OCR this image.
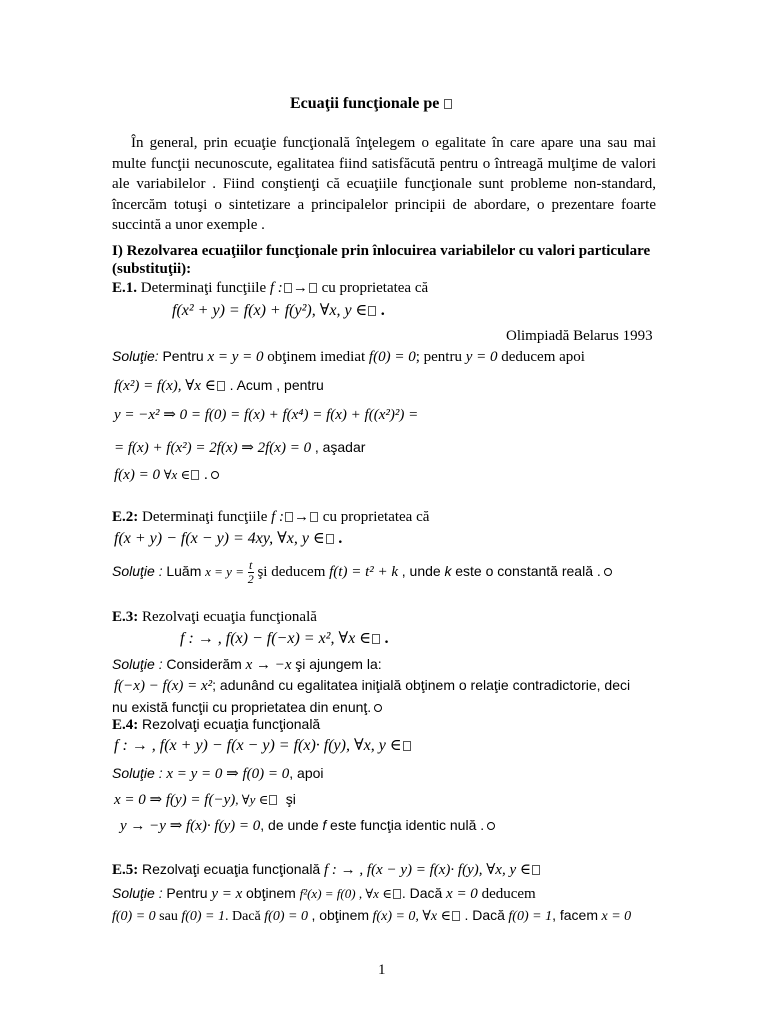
Ecuaţii funcţionale pe
În general, prin ecuaţie funcţională înţelegem o egalitate în care apare una sau mai multe funcţii necunoscute, egalitatea fiind satisfăcută pentru o întreagă mulţime de valori ale variabilelor . Fiind conştienţi că ecuaţiile funcţionale sunt probleme non-standard, încercăm totuşi o sintetizare a principalelor principii de abordare, o prezentare foarte succintă a unor exemple .
I) Rezolvarea ecuaţiilor funcţionale prin înlocuirea variabilelor cu valori particulare
(substituţii):
E.1. Determinaţi funcţiile f : → cu proprietatea că
f(x² + y) = f(x) + f(y²), ∀x, y ∈ .
Olimpiadă Belarus 1993
Soluţie: Pentru x = y = 0 obţinem imediat f(0) = 0; pentru y = 0 deducem apoi
f(x²) = f(x), ∀x ∈ . Acum , pentru
y = −x² ⇒ 0 = f(0) = f(x) + f(x⁴) = f(x) + f((x²)²) =
= f(x) + f(x²) = 2f(x) ⇒ 2f(x) = 0 , aşadar
f(x) = 0 ∀x ∈ .
E.2: Determinaţi funcţiile f : → cu proprietatea că
f(x + y) − f(x − y) = 4xy, ∀x, y ∈ .
Soluţie : Luăm $x = y = \frac{t}{2}$ şi deducem f(t) = t² + k , unde k este o constantă reală .
E.3: Rezolvaţi ecuaţia funcţională
f : → , f(x) − f(−x) = x², ∀x ∈ .
Soluţie : Considerăm x → −x şi ajungem la:
f(−x) − f(x) = x²; adunând cu egalitatea iniţială obţinem o relaţie contradictorie, deci
nu există funcţii cu proprietatea din enunţ.
E.4: Rezolvaţi ecuaţia funcţională
f : → , f(x + y) − f(x − y) = f(x)· f(y), ∀x, y ∈
Soluţie : x = y = 0 ⇒ f(0) = 0, apoi
x = 0 ⇒ f(y) = f(−y), ∀y ∈ şi
y → −y ⇒ f(x)· f(y) = 0, de unde f este funcţia identic nulă .
E.5: Rezolvaţi ecuaţia funcţională f : → , f(x − y) = f(x)· f(y), ∀x, y ∈
Soluţie : Pentru y = x obţinem f²(x) = f(0) , ∀x ∈ . Dacă x = 0 deducem
f(0) = 0 sau f(0) = 1. Dacă f(0) = 0 , obţinem f(x) = 0, ∀x ∈ . Dacă f(0) = 1, facem x = 0
1
